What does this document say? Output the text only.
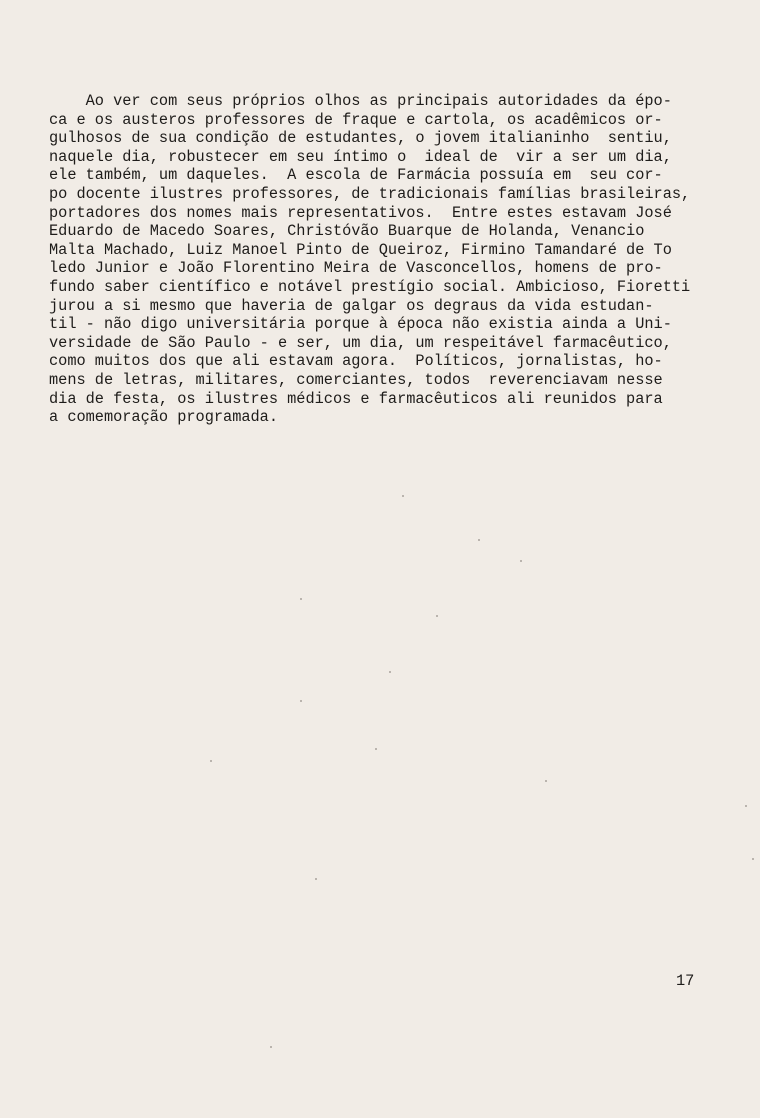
Ao ver com seus próprios olhos as principais autoridades da épo-
ca e os austeros professores de fraque e cartola, os acadêmicos or-
gulhosos de sua condição de estudantes, o jovem italianinho  sentiu,
naquele dia, robustecer em seu íntimo o  ideal de  vir a ser um dia,
ele também, um daqueles.  A escola de Farmácia possuía em  seu cor-
po docente ilustres professores, de tradicionais famílias brasileiras,
portadores dos nomes mais representativos.  Entre estes estavam José
Eduardo de Macedo Soares, Christóvão Buarque de Holanda, Venancio
Malta Machado, Luiz Manoel Pinto de Queiroz, Firmino Tamandaré de To
ledo Junior e João Florentino Meira de Vasconcellos, homens de pro-
fundo saber científico e notável prestígio social. Ambicioso, Fioretti
jurou a si mesmo que haveria de galgar os degraus da vida estudan-
til - não digo universitária porque à época não existia ainda a Uni-
versidade de São Paulo - e ser, um dia, um respeitável farmacêutico,
como muitos dos que ali estavam agora.  Políticos, jornalistas, ho-
mens de letras, militares, comerciantes, todos  reverenciavam nesse
dia de festa, os ilustres médicos e farmacêuticos ali reunidos para
a comemoração programada.
17
